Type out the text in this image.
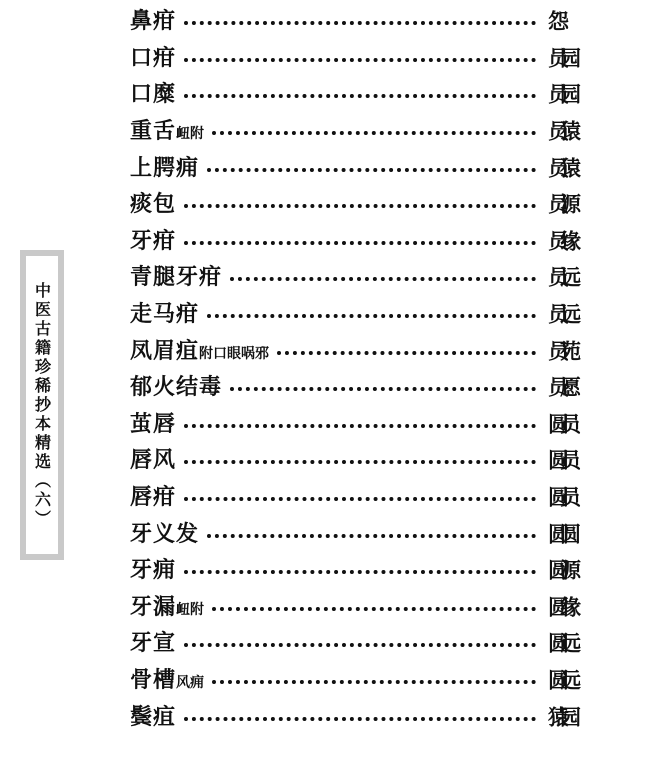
中医古籍珍稀抄本精选（六）
鼻疳	怨
口疳	员园
口糜	员园
重舌衄附	员猿
上腭痈	员猿
痰包	员源
牙疳	员缘
青腿牙疳	员远
走马疳	员远
凤眉疽附口眼㖞邪	员苑
郁火结毒	员愿
茧唇	圆员
唇风	圆员
唇疳	圆员
牙义发	圆圆
牙痈	圆源
牙漏衄附	圆缘
牙宣	圆远
骨槽风痈	圆远
鬓疽	猿园
